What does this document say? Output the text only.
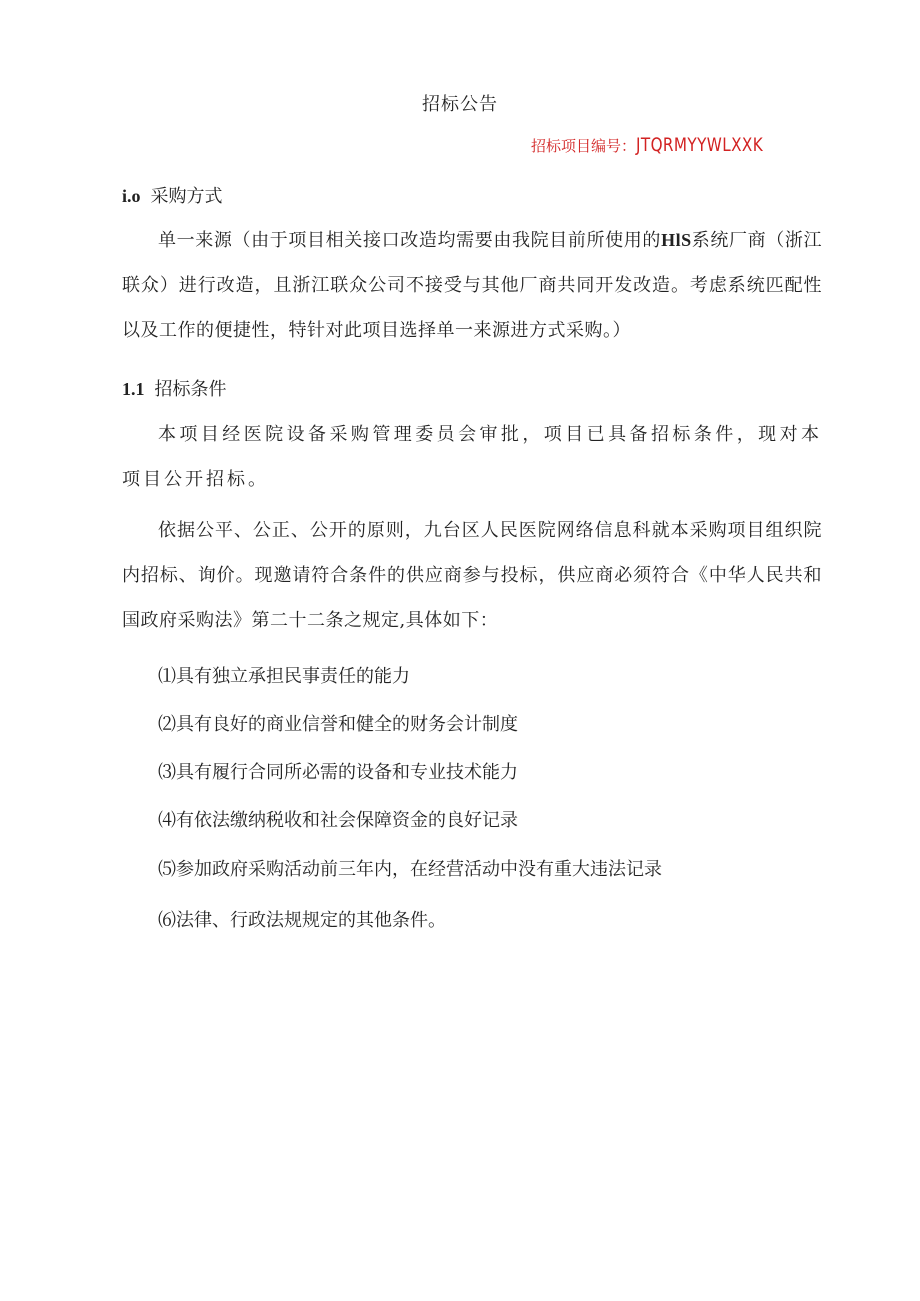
招标公告
招标项目编号：JTQRMYYWLXXK
i.o 采购方式
单一来源（由于项目相关接口改造均需要由我院目前所使用的HlS系统厂商（浙江联众）进行改造，且浙江联众公司不接受与其他厂商共同开发改造。考虑系统匹配性以及工作的便捷性，特针对此项目选择单一来源进方式采购。）
1.1 招标条件
本项目经医院设备采购管理委员会审批，项目已具备招标条件，现对本项目公开招标。
依据公平、公正、公开的原则，九台区人民医院网络信息科就本采购项目组织院内招标、询价。现邀请符合条件的供应商参与投标，供应商必须符合《中华人民共和国政府采购法》第二十二条之规定,具体如下：
⑴具有独立承担民事责任的能力
⑵具有良好的商业信誉和健全的财务会计制度
⑶具有履行合同所必需的设备和专业技术能力
⑷有依法缴纳税收和社会保障资金的良好记录
⑸参加政府采购活动前三年内，在经营活动中没有重大违法记录
⑹法律、行政法规规定的其他条件。
